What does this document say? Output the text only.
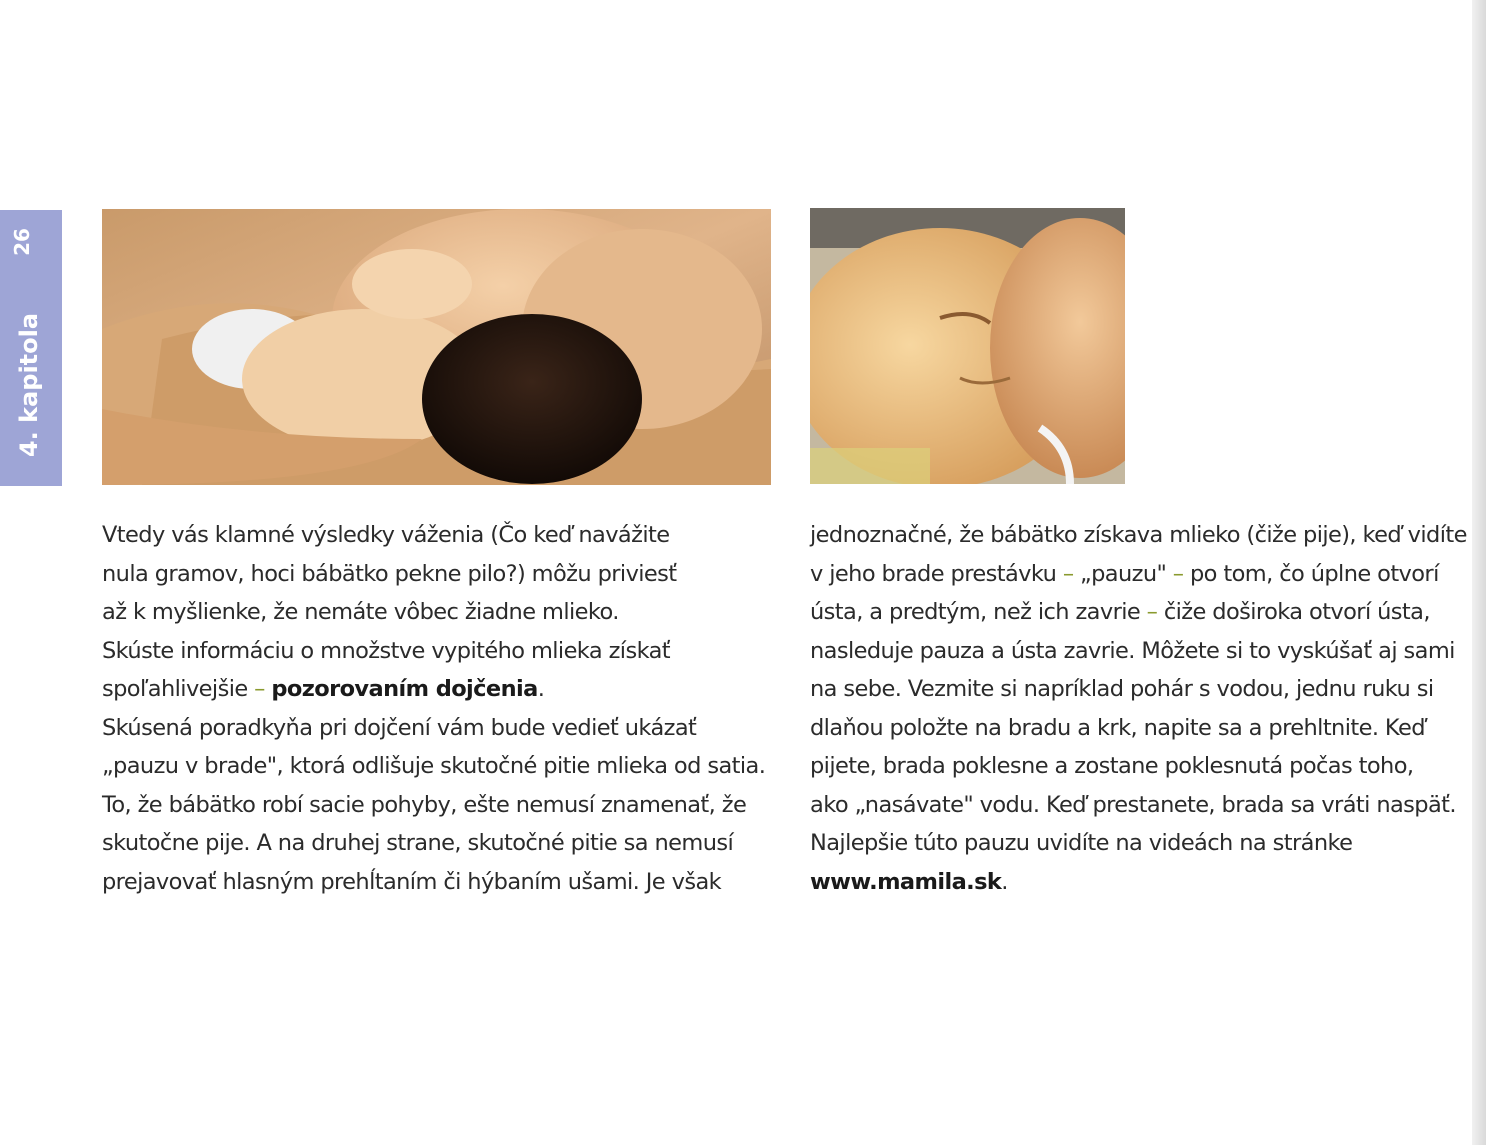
26
4. kapitola
Vtedy vás klamné výsledky váženia (Čo keď navážite
nula gramov, hoci bábätko pekne pilo?) môžu priviesť
až k myšlienke, že nemáte vôbec žiadne mlieko.
Skúste informáciu o množstve vypitého mlieka získať
spoľahlivejšie – pozorovaním dojčenia.
Skúsená poradkyňa pri dojčení vám bude vedieť ukázať
„pauzu v brade", ktorá odlišuje skutočné pitie mlieka od satia.
To, že bábätko robí sacie pohyby, ešte nemusí znamenať, že
skutočne pije. A na druhej strane, skutočné pitie sa nemusí
prejavovať hlasným prehĺtaním či hýbaním ušami. Je však
jednoznačné, že bábätko získava mlieko (čiže pije), keď vidíte
v jeho brade prestávku – „pauzu" – po tom, čo úplne otvorí
ústa, a predtým, než ich zavrie – čiže doširoka otvorí ústa,
nasleduje pauza a ústa zavrie. Môžete si to vyskúšať aj sami
na sebe. Vezmite si napríklad pohár s vodou, jednu ruku si
dlaňou položte na bradu a krk, napite sa a prehltnite. Keď
pijete, brada poklesne a zostane poklesnutá počas toho,
ako „nasávate" vodu. Keď prestanete, brada sa vráti naspäť.
Najlepšie túto pauzu uvidíte na videách na stránke
www.mamila.sk.
